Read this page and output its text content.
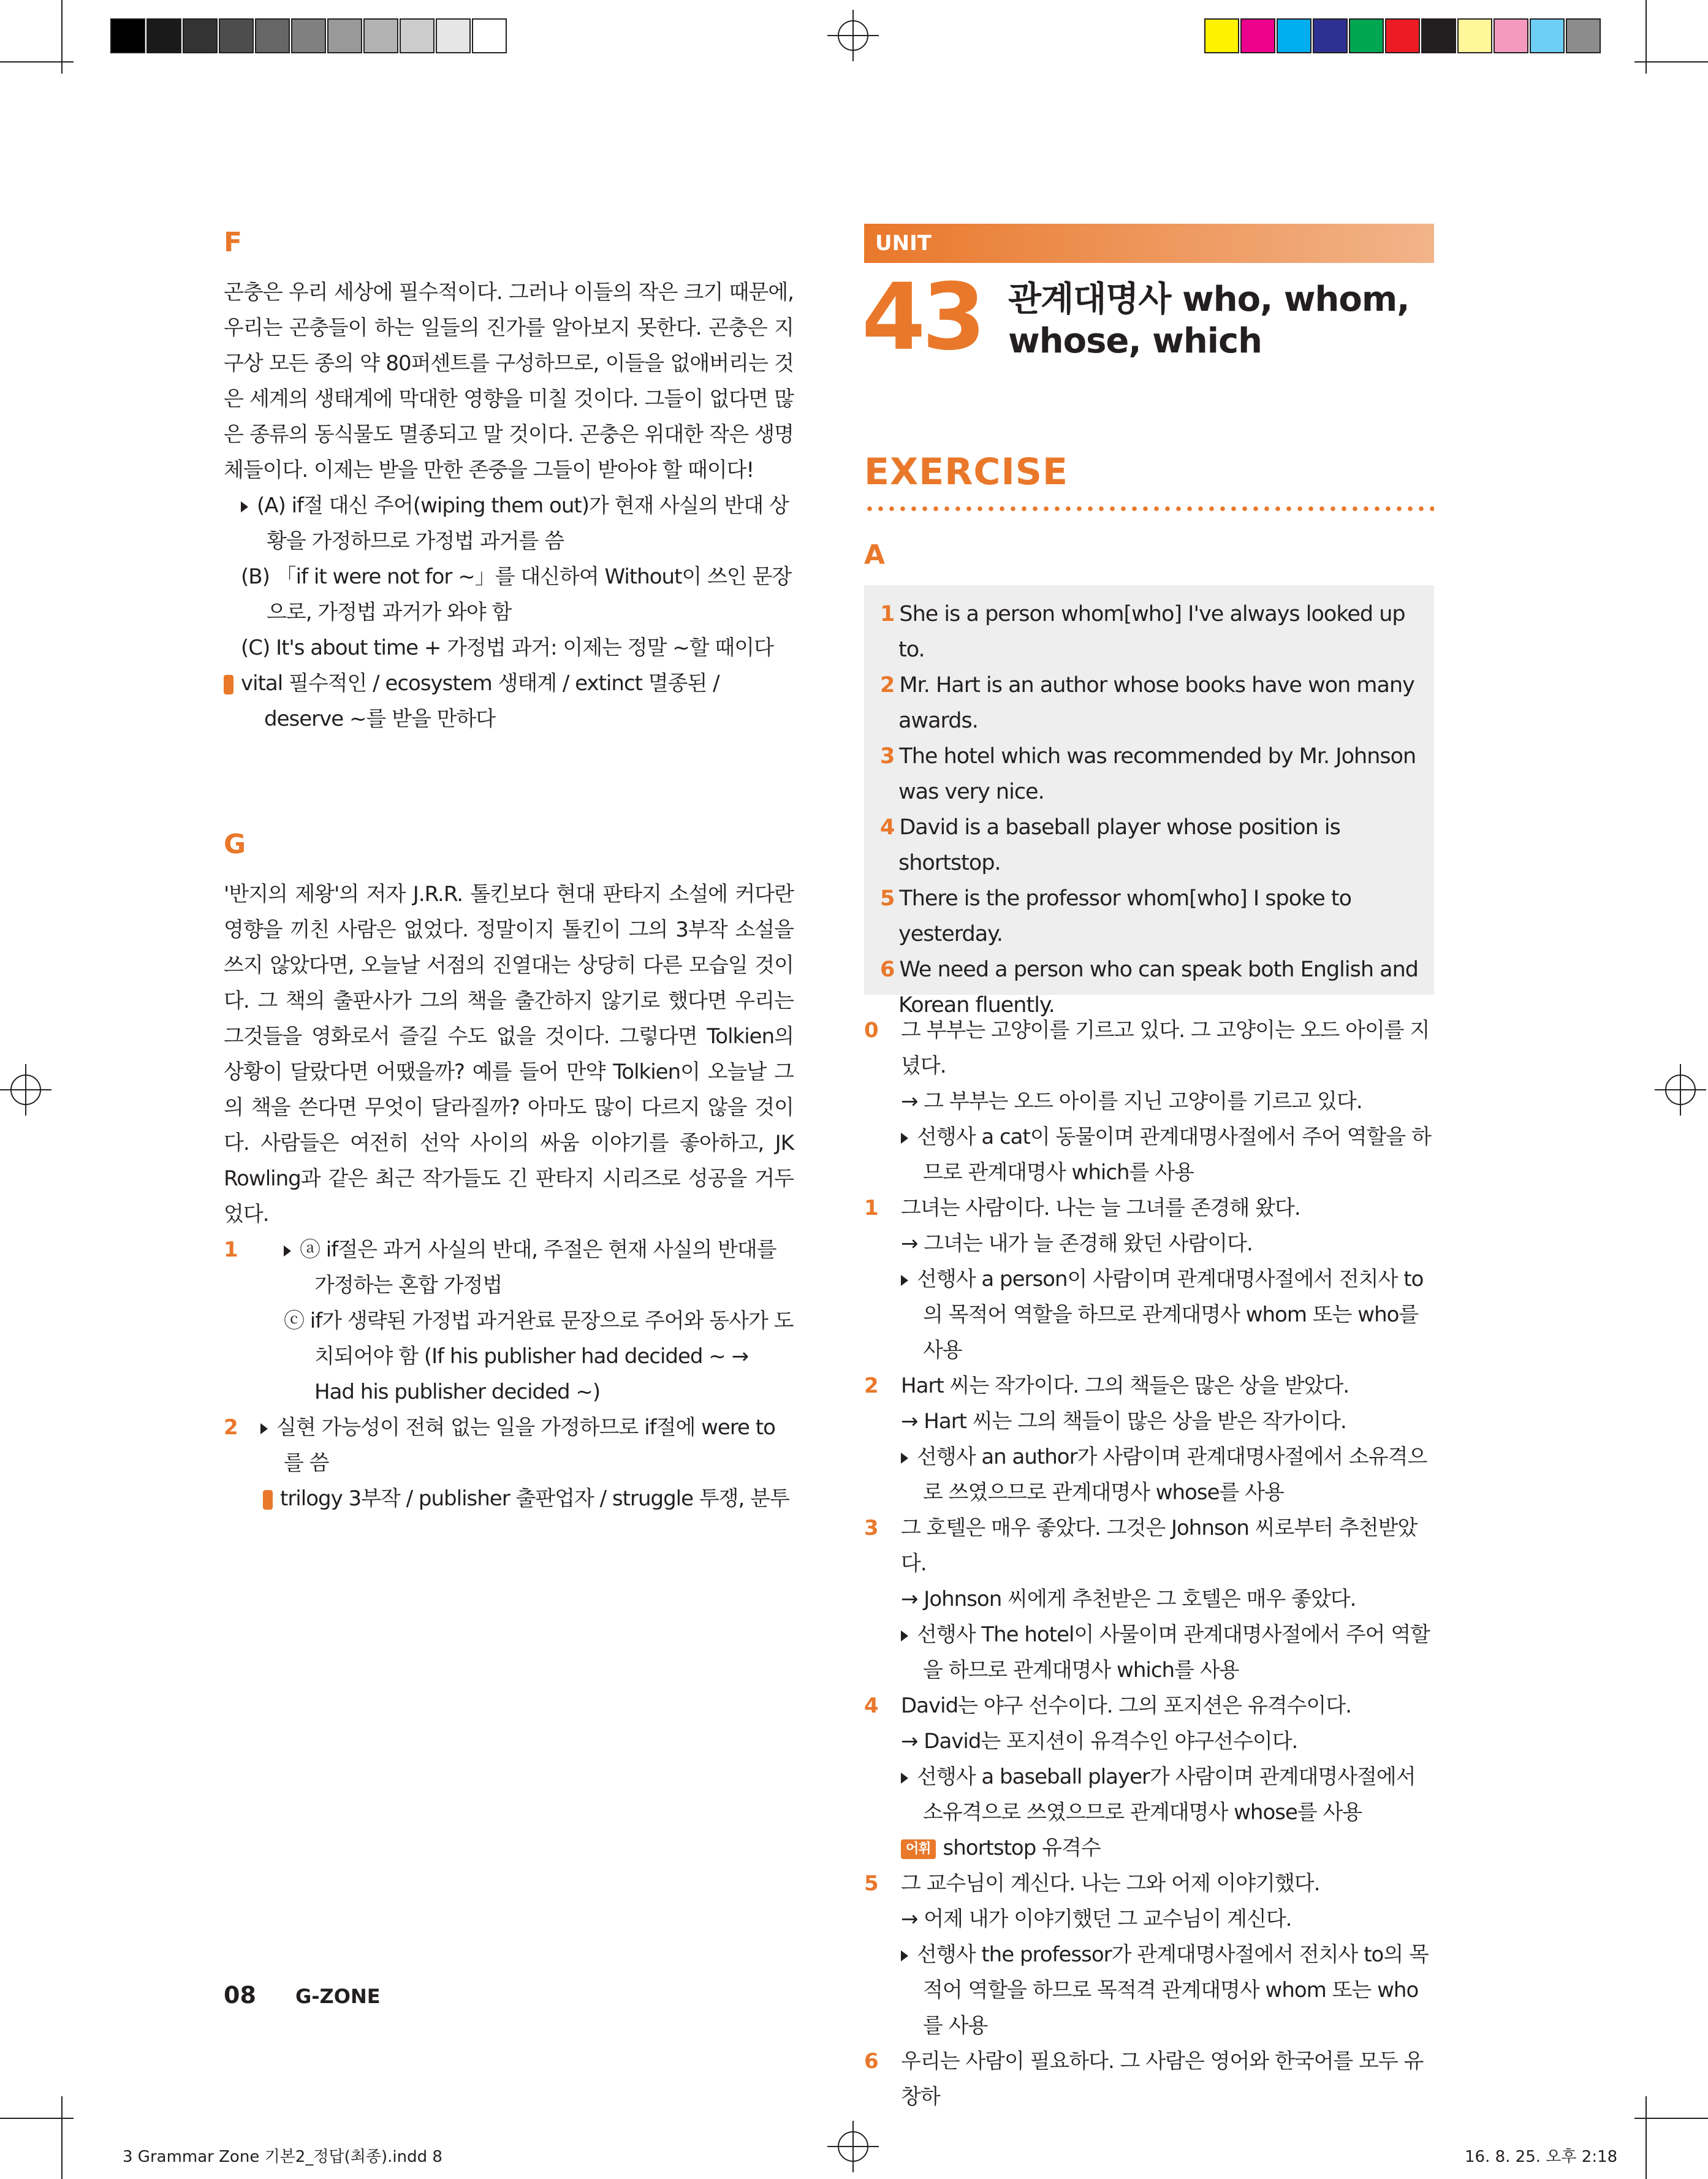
F

곤충은 우리 세상에 필수적이다. 그러나 이들의 작은 크기 때문에, 우리는 곤충들이 하는 일들의 진가를 알아보지 못한다. 곤충은 지구상 모든 종의 약 80퍼센트를 구성하므로, 이들을 없애버리는 것은 세계의 생태계에 막대한 영향을 미칠 것이다. 그들이 없다면 많은 종류의 동식물도 멸종되고 말 것이다. 곤충은 위대한 작은 생명체들이다. 이제는 받을 만한 존중을 그들이 받아야 할 때이다!

(A) if절 대신 주어(wiping them out)가 현재 사실의 반대 상황을 가정하므로 가정법 과거를 씀

(B) 「if it were not for ~」를 대신하여 Without이 쓰인 문장으로, 가정법 과거가 와야 함

(C) It's about time + 가정법 과거: 이제는 정말 ~할 때이다

어휘 vital 필수적인 / ecosystem 생태계 / extinct 멸종된 / deserve ~를 받을 만하다

G

'반지의 제왕'의 저자 J.R.R. 톨킨보다 현대 판타지 소설에 커다란 영향을 끼친 사람은 없었다. 정말이지 톨킨이 그의 3부작 소설을 쓰지 않았다면, 오늘날 서점의 진열대는 상당히 다른 모습일 것이다. 그 책의 출판사가 그의 책을 출간하지 않기로 했다면 우리는 그것들을 영화로서 즐길 수도 없을 것이다. 그렇다면 Tolkien의 상황이 달랐다면 어땠을까? 예를 들어 만약 Tolkien이 오늘날 그의 책을 쓴다면 무엇이 달라질까? 아마도 많이 다르지 않을 것이다. 사람들은 여전히 선악 사이의 싸움 이야기를 좋아하고, JK Rowling과 같은 최근 작가들도 긴 판타지 시리즈로 성공을 거두었다.

1	ⓐ if절은 과거 사실의 반대, 주절은 현재 사실의 반대를 가정하는 혼합 가정법

ⓒ if가 생략된 가정법 과거완료 문장으로 주어와 동사가 도치되어야 함 (If his publisher had decided ~ → Had his publisher decided ~)

2	실현 가능성이 전혀 없는 일을 가정하므로 if절에 were to를 씀

어휘 trilogy 3부작 / publisher 출판업자 / struggle 투쟁, 분투

UNIT
43 관계대명사 who, whom,
whose, which
EXERCISE
A

1 She is a person whom[who] I've always looked up to.

2 Mr. Hart is an author whose books have won many awards.

3 The hotel which was recommended by Mr. Johnson was very nice.

4 David is a baseball player whose position is shortstop.

5 There is the professor whom[who] I spoke to yesterday.

6 We need a person who can speak both English and Korean fluently.

0 그 부부는 고양이를 기르고 있다. 그 고양이는 오드 아이를 지녔다.

→ 그 부부는 오드 아이를 지닌 고양이를 기르고 있다.

선행사 a cat이 동물이며 관계대명사절에서 주어 역할을 하므로 관계대명사 which를 사용

1 그녀는 사람이다. 나는 늘 그녀를 존경해 왔다.

→ 그녀는 내가 늘 존경해 왔던 사람이다.

선행사 a person이 사람이며 관계대명사절에서 전치사 to의 목적어 역할을 하므로 관계대명사 whom 또는 who를 사용

2 Hart 씨는 작가이다. 그의 책들은 많은 상을 받았다.

→ Hart 씨는 그의 책들이 많은 상을 받은 작가이다.

선행사 an author가 사람이며 관계대명사절에서 소유격으로 쓰였으므로 관계대명사 whose를 사용

3 그 호텔은 매우 좋았다. 그것은 Johnson 씨로부터 추천받았다.

→ Johnson 씨에게 추천받은 그 호텔은 매우 좋았다.

선행사 The hotel이 사물이며 관계대명사절에서 주어 역할을 하므로 관계대명사 which를 사용

4 David는 야구 선수이다. 그의 포지션은 유격수이다.

→ David는 포지션이 유격수인 야구선수이다.

선행사 a baseball player가 사람이며 관계대명사절에서 소유격으로 쓰였으므로 관계대명사 whose를 사용

어휘 shortstop 유격수

5 그 교수님이 계신다. 나는 그와 어제 이야기했다.

→ 어제 내가 이야기했던 그 교수님이 계신다.

선행사 the professor가 관계대명사절에서 전치사 to의 목적어 역할을 하므로 목적격 관계대명사 whom 또는 who를 사용

6 우리는 사람이 필요하다. 그 사람은 영어와 한국어를 모두 유창하

08 G-ZONE
3 Grammar Zone 기본2_정답(최종).indd 8	16. 8. 25. 오후 2:18
